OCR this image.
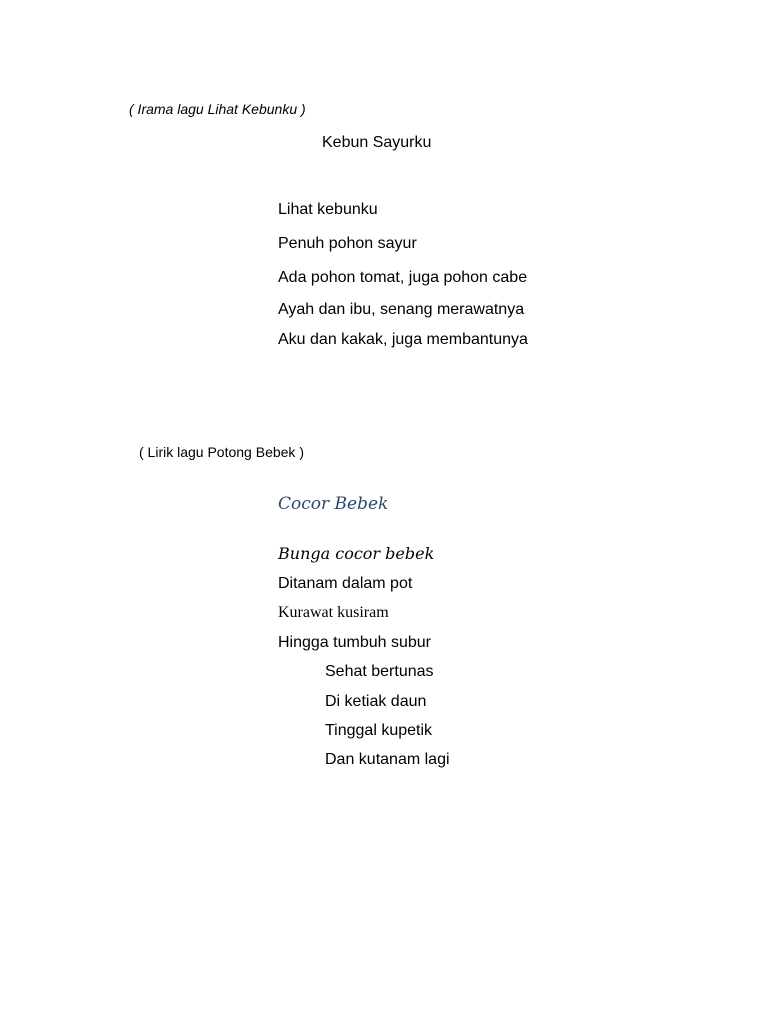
( Irama lagu Lihat Kebunku )
Kebun Sayurku
Lihat kebunku
Penuh pohon sayur
Ada pohon tomat, juga pohon cabe
Ayah dan ibu, senang merawatnya
Aku dan kakak, juga membantunya
( Lirik lagu Potong Bebek )
Cocor Bebek
Bunga cocor bebek
Ditanam dalam pot
Kurawat kusiram
Hingga tumbuh subur
Sehat bertunas
Di ketiak daun
Tinggal kupetik
Dan kutanam lagi
